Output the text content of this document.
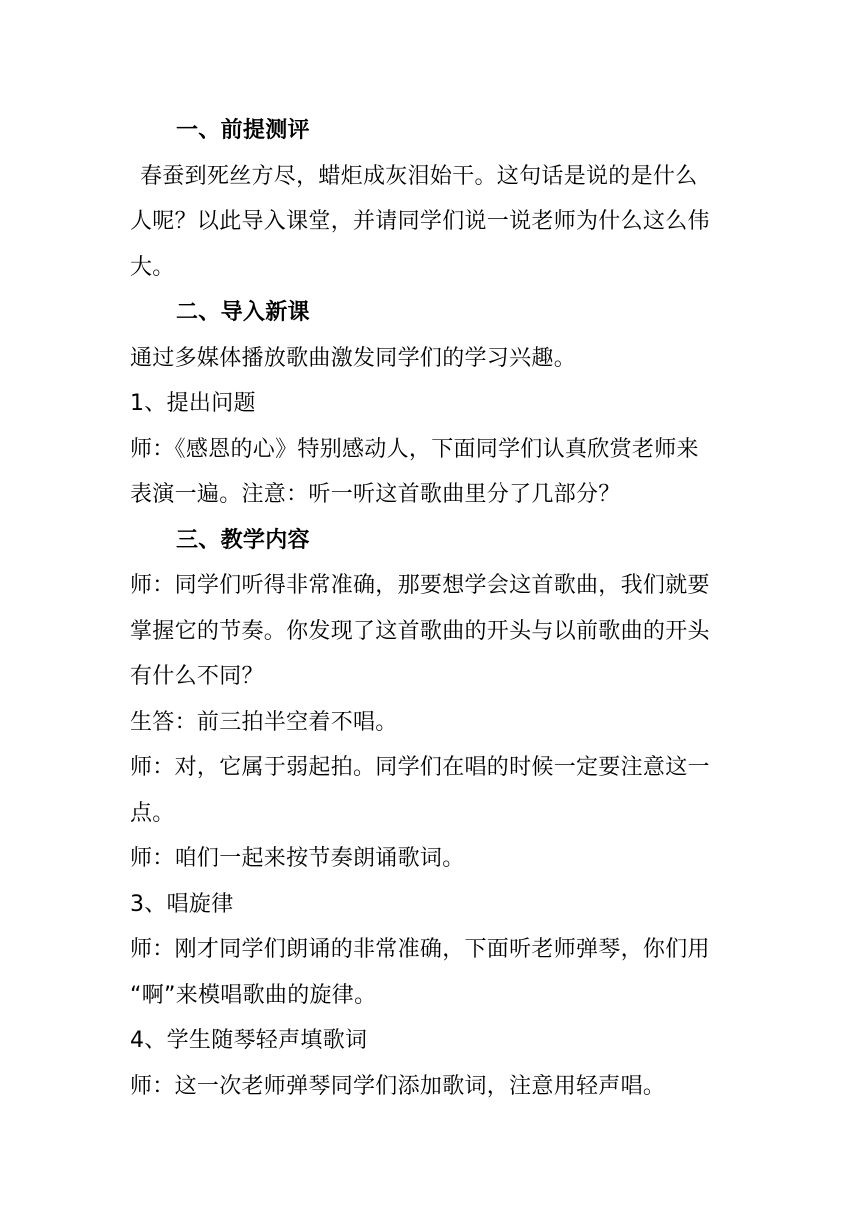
一、前提测评

春蚕到死丝方尽，蜡炬成灰泪始干。这句话是说的是什么

人呢？以此导入课堂，并请同学们说一说老师为什么这么伟

大。

二、导入新课

通过多媒体播放歌曲激发同学们的学习兴趣。

1、提出问题

师：《感恩的心》特别感动人，下面同学们认真欣赏老师来

表演一遍。注意：听一听这首歌曲里分了几部分？

三、教学内容

师：同学们听得非常准确，那要想学会这首歌曲，我们就要

掌握它的节奏。你发现了这首歌曲的开头与以前歌曲的开头

有什么不同？

生答：前三拍半空着不唱。

师：对，它属于弱起拍。同学们在唱的时候一定要注意这一

点。

师：咱们一起来按节奏朗诵歌词。

3、唱旋律

师：刚才同学们朗诵的非常准确，下面听老师弹琴，你们用

“啊”来模唱歌曲的旋律。

4、学生随琴轻声填歌词

师：这一次老师弹琴同学们添加歌词，注意用轻声唱。
